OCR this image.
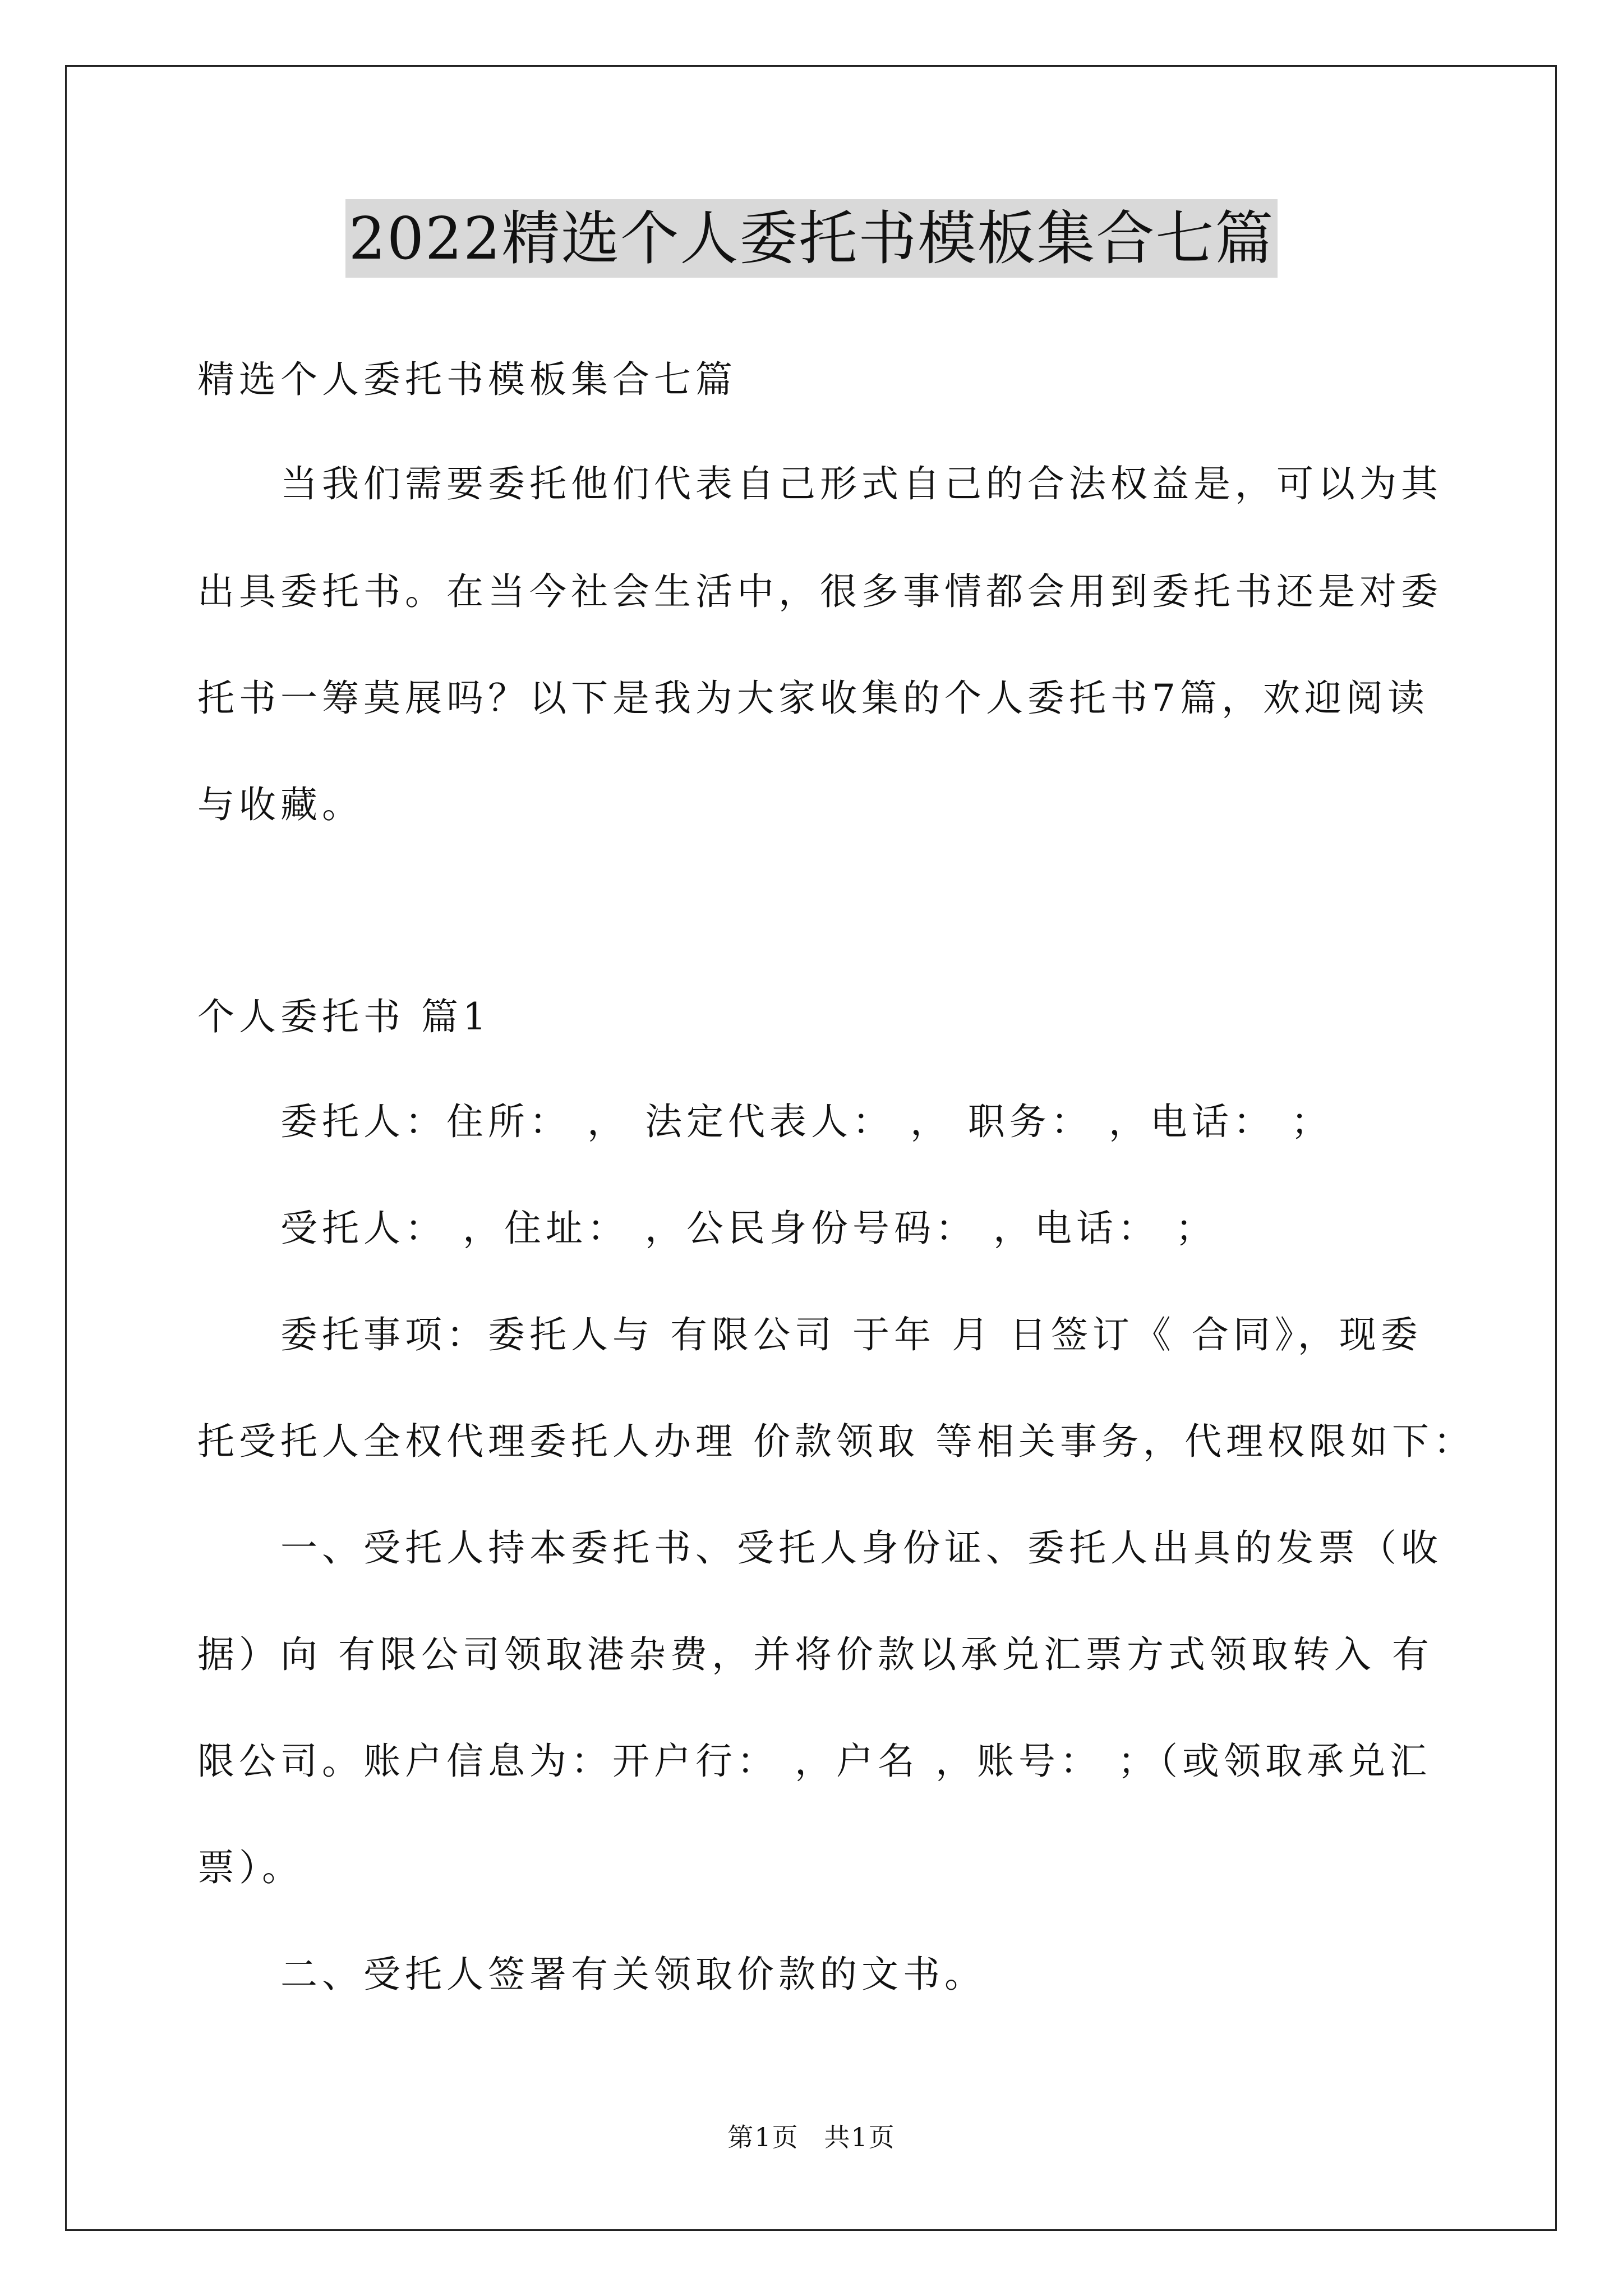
2022精选个人委托书模板集合七篇
精选个人委托书模板集合七篇
当我们需要委托他们代表自己形式自己的合法权益是，可以为其
出具委托书。在当今社会生活中，很多事情都会用到委托书还是对委
托书一筹莫展吗？以下是我为大家收集的个人委托书7篇，欢迎阅读
与收藏。
个人委托书 篇1
委托人：住所： ， 法定代表人： ， 职务： ，电话： ；
受托人： ，住址： ，公民身份号码： ，电话： ；
委托事项：委托人与 有限公司 于年 月 日签订《 合同》，现委
托受托人全权代理委托人办理 价款领取 等相关事务，代理权限如下：
一、受托人持本委托书、受托人身份证、委托人出具的发票（收
据）向 有限公司领取港杂费，并将价款以承兑汇票方式领取转入 有
限公司。账户信息为：开户行： ，户名 ，账号： ；（或领取承兑汇
票）。
二、受托人签署有关领取价款的文书。
第1页 共1页
